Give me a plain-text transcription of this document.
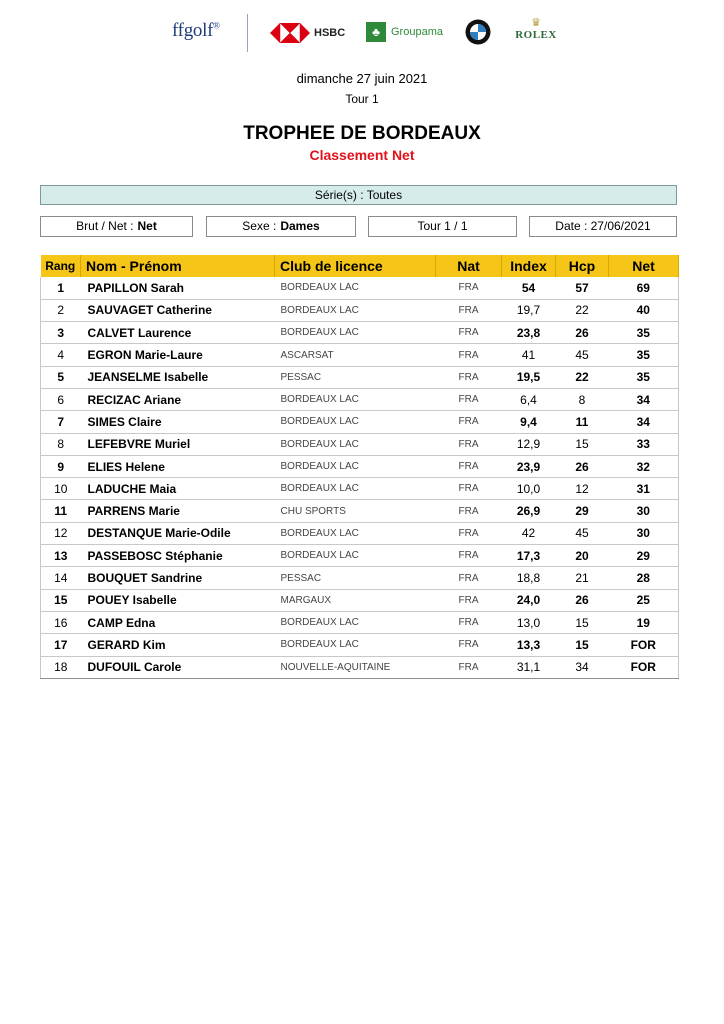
ffgolf®
HSBC	♣	Groupama
♛
ROLEX
dimanche 27 juin 2021
Tour 1
TROPHEE DE BORDEAUX
Classement Net
Série(s) : Toutes
Brut / Net : Net	Sexe : Dames	Tour 1 / 1	Date : 27/06/2021
Rang	Nom - Prénom	Club de licence	Nat	Index	Hcp	Net
1	PAPILLON Sarah	BORDEAUX LAC	FRA	54	57	69
2	SAUVAGET Catherine	BORDEAUX LAC	FRA	19,7	22	40
3	CALVET Laurence	BORDEAUX LAC	FRA	23,8	26	35
4	EGRON Marie-Laure	ASCARSAT	FRA	41	45	35
5	JEANSELME Isabelle	PESSAC	FRA	19,5	22	35
6	RECIZAC Ariane	BORDEAUX LAC	FRA	6,4	8	34
7	SIMES Claire	BORDEAUX LAC	FRA	9,4	11	34
8	LEFEBVRE Muriel	BORDEAUX LAC	FRA	12,9	15	33
9	ELIES Helene	BORDEAUX LAC	FRA	23,9	26	32
10	LADUCHE Maia	BORDEAUX LAC	FRA	10,0	12	31
11	PARRENS Marie	CHU SPORTS	FRA	26,9	29	30
12	DESTANQUE Marie-Odile	BORDEAUX LAC	FRA	42	45	30
13	PASSEBOSC Stéphanie	BORDEAUX LAC	FRA	17,3	20	29
14	BOUQUET Sandrine	PESSAC	FRA	18,8	21	28
15	POUEY Isabelle	MARGAUX	FRA	24,0	26	25
16	CAMP Edna	BORDEAUX LAC	FRA	13,0	15	19
17	GERARD Kim	BORDEAUX LAC	FRA	13,3	15	FOR
18	DUFOUIL Carole	NOUVELLE-AQUITAINE	FRA	31,1	34	FOR
